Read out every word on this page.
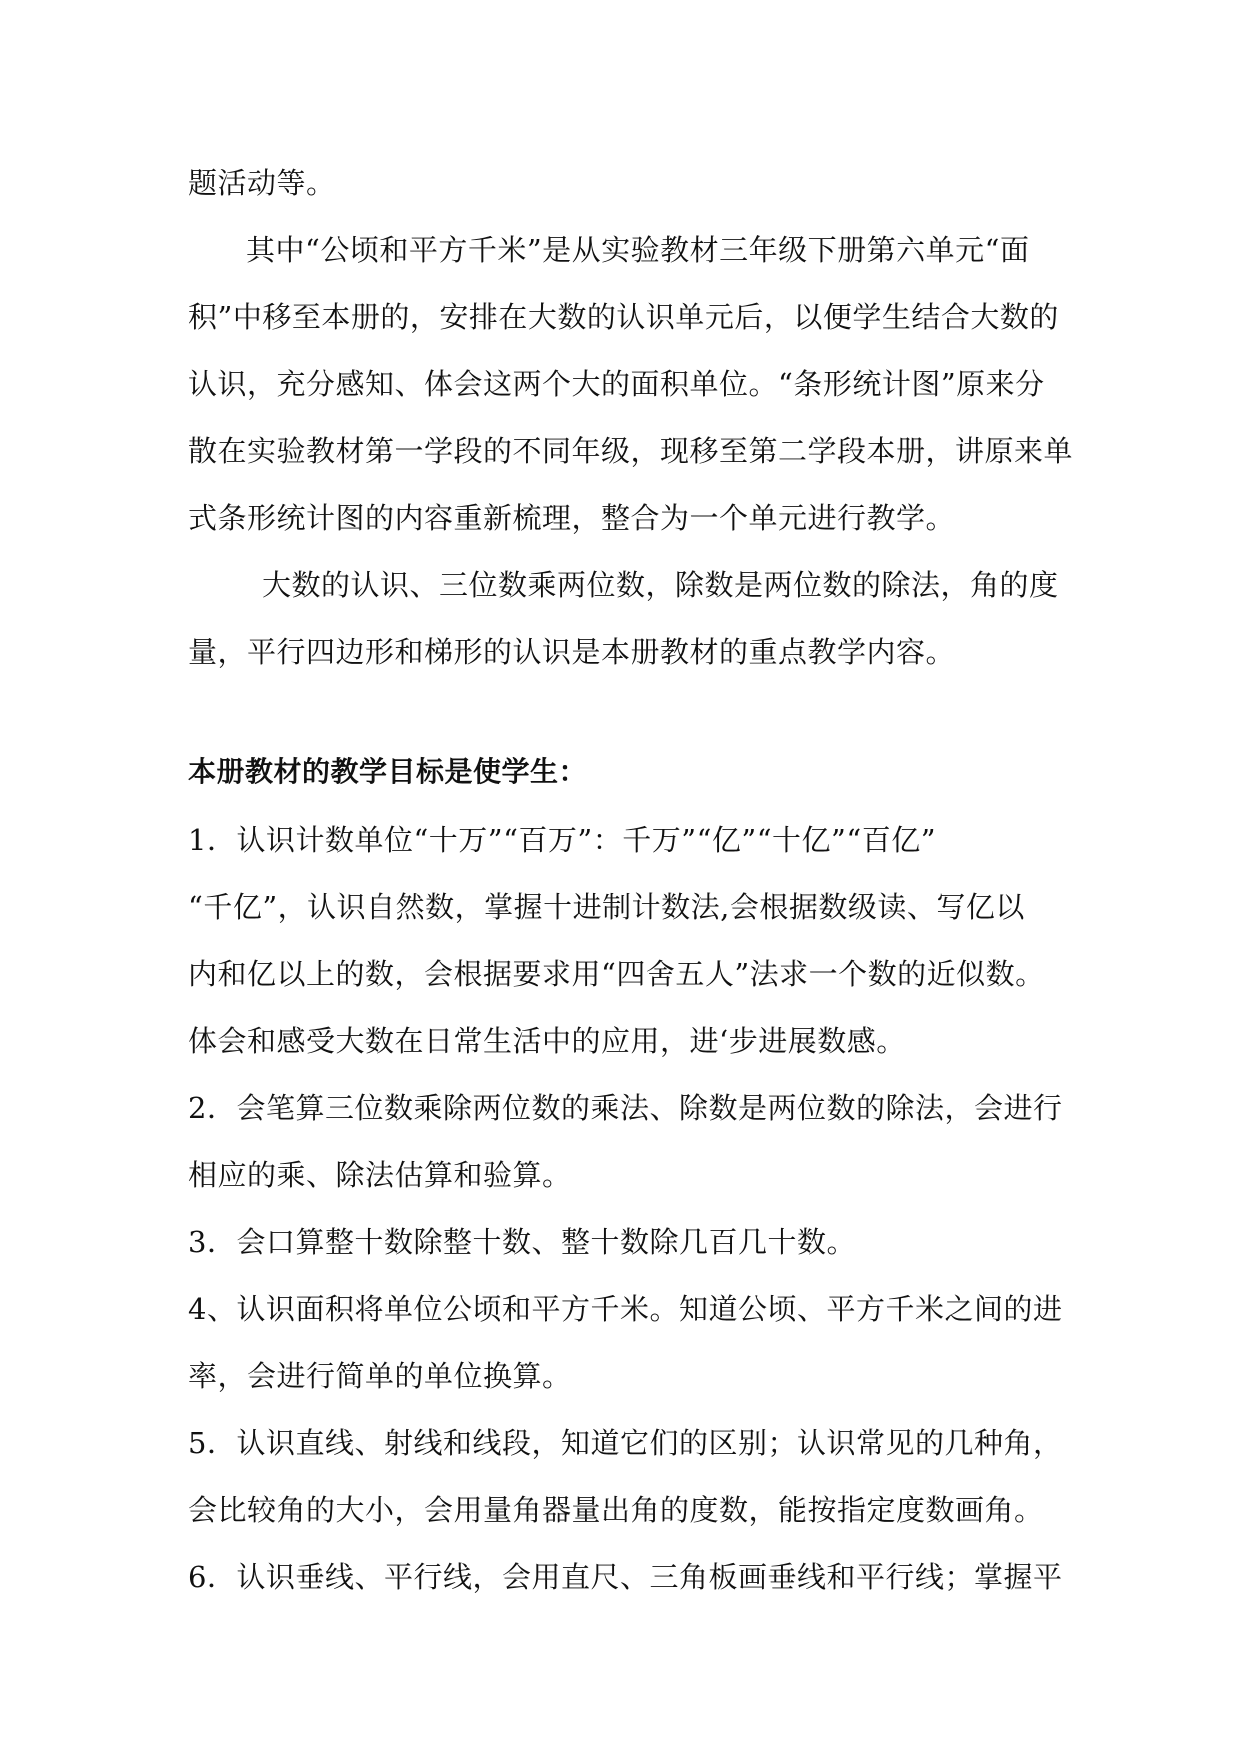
题活动等。
其中“公顷和平方千米”是从实验教材三年级下册第六单元“面
积”中移至本册的，安排在大数的认识单元后，以便学生结合大数的
认识，充分感知、体会这两个大的面积单位。“条形统计图”原来分
散在实验教材第一学段的不同年级，现移至第二学段本册，讲原来单
式条形统计图的内容重新梳理，整合为一个单元进行教学。
大数的认识、三位数乘两位数，除数是两位数的除法，角的度
量，平行四边形和梯形的认识是本册教材的重点教学内容。
本册教材的教学目标是使学生：
1．认识计数单位“十万”“百万”：千万”“亿”“十亿”“百亿”
“千亿”，认识自然数，掌握十进制计数法,会根据数级读、写亿以
内和亿以上的数，会根据要求用“四舍五人”法求一个数的近似数。
体会和感受大数在日常生活中的应用，进‘步进展数感。
2．会笔算三位数乘除两位数的乘法、除数是两位数的除法，会进行
相应的乘、除法估算和验算。
3．会口算整十数除整十数、整十数除几百几十数。
4、认识面积将单位公顷和平方千米。知道公顷、平方千米之间的进
率，会进行简单的单位换算。
5．认识直线、射线和线段，知道它们的区别；认识常见的几种角，
会比较角的大小，会用量角器量出角的度数，能按指定度数画角。
6．认识垂线、平行线，会用直尺、三角板画垂线和平行线；掌握平
